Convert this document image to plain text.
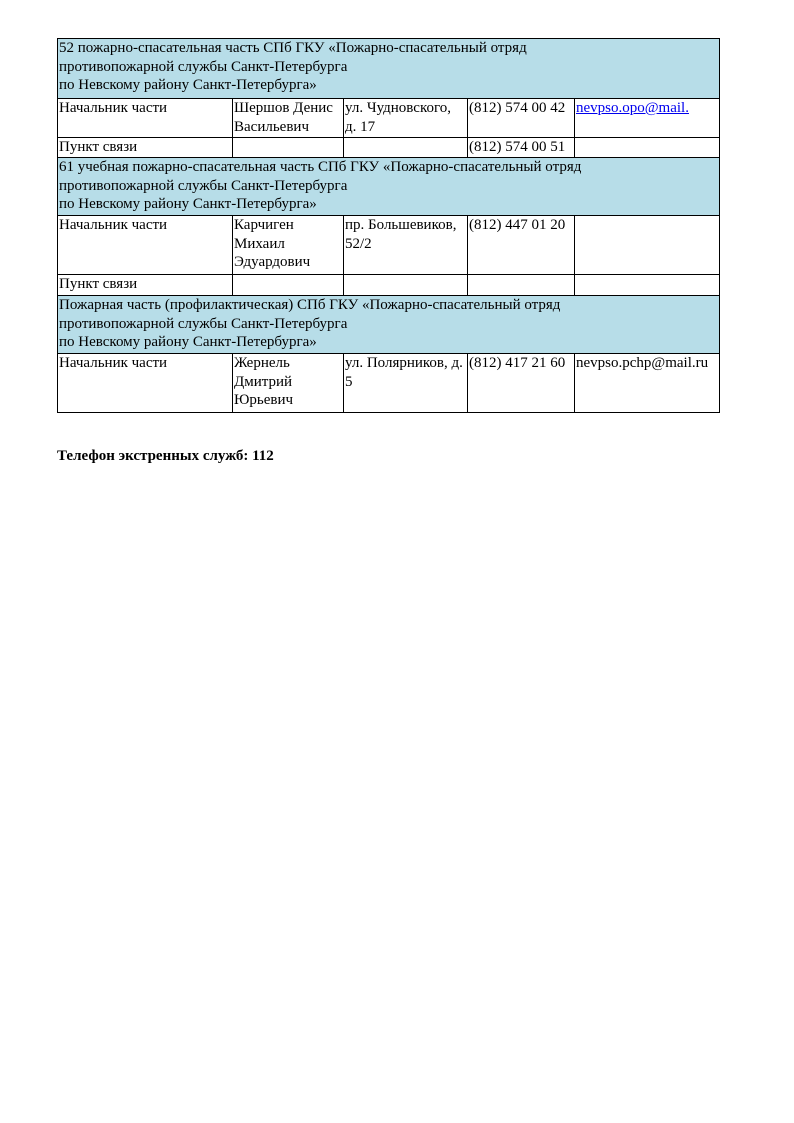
52 пожарно-спасательная часть СПб ГКУ «Пожарно-спасательный отряд
противопожарной службы Санкт-Петербурга
по Невскому району Санкт-Петербурга»				
Начальник части	Шершов Денис Васильевич	ул. Чудновского, д. 17	(812) 574 00 42	nevpso.opo@mail.
Пункт связи			(812) 574 00 51	
61 учебная пожарно-спасательная часть СПб ГКУ «Пожарно-спасательный отряд
противопожарной службы Санкт-Петербурга
по Невскому району Санкт-Петербурга»				
Начальник части	Карчиген Михаил Эдуардович	пр. Большевиков, 52/2	(812) 447 01 20	
Пункт связи				
Пожарная часть (профилактическая) СПб ГКУ «Пожарно-спасательный отряд
противопожарной службы Санкт-Петербурга
по Невскому району Санкт-Петербурга»				
Начальник части	Жернель Дмитрий Юрьевич	ул. Полярников, д. 5	(812) 417 21 60	nevpso.pchp@mail.ru
Телефон экстренных служб: 112
